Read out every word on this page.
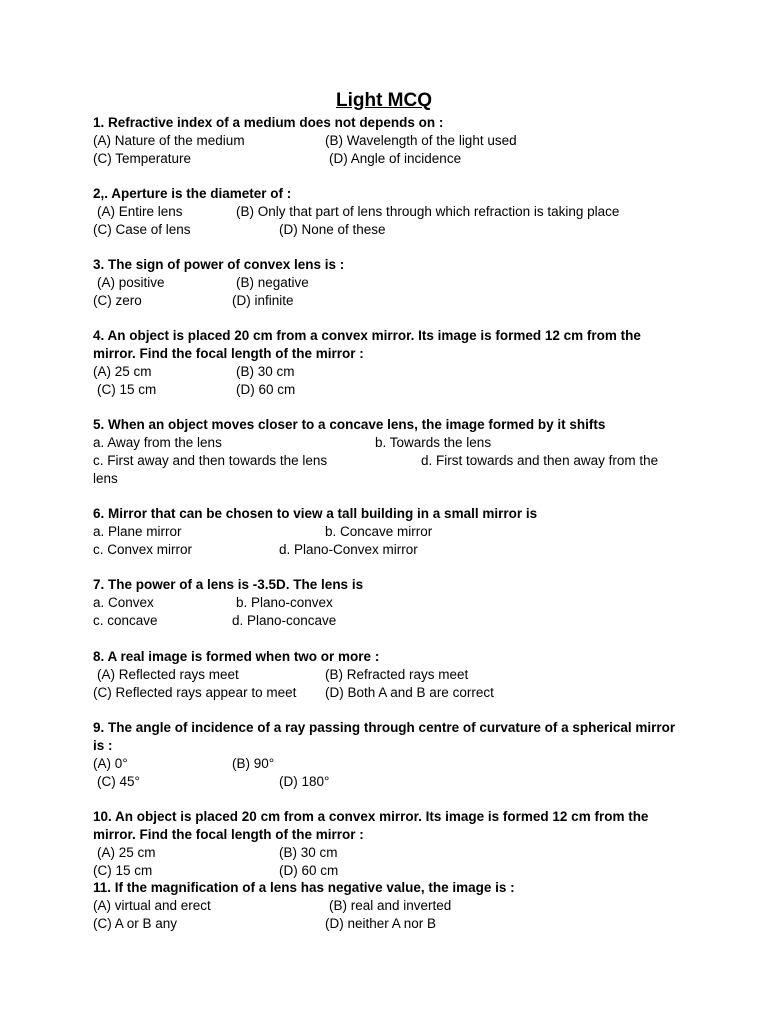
Light MCQ
1. Refractive index of a medium does not depends on :
(A) Nature of the medium	(B) Wavelength of the light used
(C) Temperature	(D) Angle of incidence
2,. Aperture is the diameter of :
(A) Entire lens	(B) Only that part of lens through which refraction is taking place
(C) Case of lens	(D) None of these
3. The sign of power of convex lens is :
(A) positive	(B) negative
(C) zero	(D) infinite
4. An object is placed 20 cm from a convex mirror. Its image is formed 12 cm from the mirror. Find the focal length of the mirror :
(A) 25 cm	(B) 30 cm
(C) 15 cm	(D) 60 cm
5. When an object moves closer to a concave lens, the image formed by it shifts
a. Away from the lens	b. Towards the lens
c. First away and then towards the lens	d. First towards and then away from the lens
6. Mirror that can be chosen to view a tall building in a small mirror is
a. Plane mirror	b. Concave mirror
c. Convex mirror	d. Plano-Convex mirror
7. The power of a lens is -3.5D. The lens is
a. Convex	b. Plano-convex
c. concave	d. Plano-concave
8. A real image is formed when two or more :
(A) Reflected rays meet	(B) Refracted rays meet
(C) Reflected rays appear to meet (D) Both A and B are correct
9. The angle of incidence of a ray passing through centre of curvature of a spherical mirror is :
(A) 0°	(B) 90°
(C) 45°	(D) 180°
10. An object is placed 20 cm from a convex mirror. Its image is formed 12 cm from the mirror. Find the focal length of the mirror :
(A) 25 cm	(B) 30 cm
(C) 15 cm	(D) 60 cm
11. If the magnification of a lens has negative value, the image is :
(A) virtual and erect	(B) real and inverted
(C) A or B any	(D) neither A nor B
